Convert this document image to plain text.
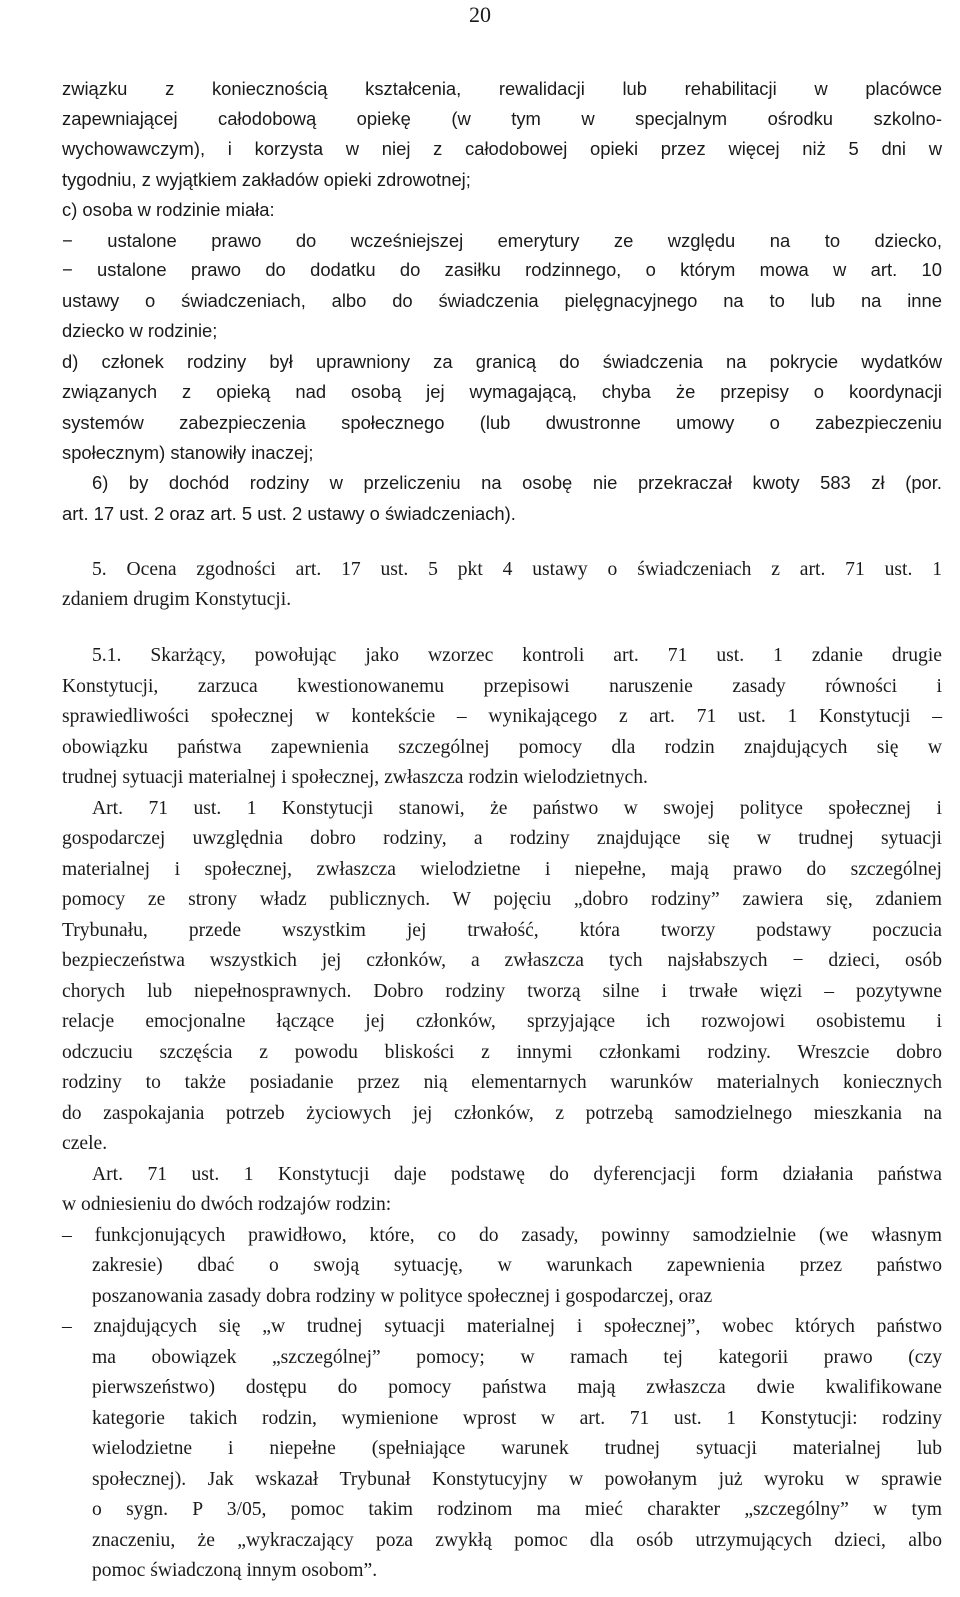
20
związku z koniecznością kształcenia, rewalidacji lub rehabilitacji w placówce
zapewniającej całodobową opiekę (w tym w specjalnym ośrodku szkolno-
wychowawczym), i korzysta w niej z całodobowej opieki przez więcej niż 5 dni w
tygodniu, z wyjątkiem zakładów opieki zdrowotnej;
c) osoba w rodzinie miała:
− ustalone prawo do wcześniejszej emerytury ze względu na to dziecko,
− ustalone prawo do dodatku do zasiłku rodzinnego, o którym mowa w art. 10
ustawy o świadczeniach, albo do świadczenia pielęgnacyjnego na to lub na inne
dziecko w rodzinie;
d) członek rodziny był uprawniony za granicą do świadczenia na pokrycie wydatków
związanych z opieką nad osobą jej wymagającą, chyba że przepisy o koordynacji
systemów zabezpieczenia społecznego (lub dwustronne umowy o zabezpieczeniu
społecznym) stanowiły inaczej;
6) by dochód rodziny w przeliczeniu na osobę nie przekraczał kwoty 583 zł (por.
art. 17 ust. 2 oraz art. 5 ust. 2 ustawy o świadczeniach).
5. Ocena zgodności art. 17 ust. 5 pkt 4 ustawy o świadczeniach z art. 71 ust. 1
zdaniem drugim Konstytucji.
5.1. Skarżący, powołując jako wzorzec kontroli art. 71 ust. 1 zdanie drugie
Konstytucji, zarzuca kwestionowanemu przepisowi naruszenie zasady równości i
sprawiedliwości społecznej w kontekście – wynikającego z art. 71 ust. 1 Konstytucji –
obowiązku państwa zapewnienia szczególnej pomocy dla rodzin znajdujących się w
trudnej sytuacji materialnej i społecznej, zwłaszcza rodzin wielodzietnych.
Art. 71 ust. 1 Konstytucji stanowi, że państwo w swojej polityce społecznej i
gospodarczej uwzględnia dobro rodziny, a rodziny znajdujące się w trudnej sytuacji
materialnej i społecznej, zwłaszcza wielodzietne i niepełne, mają prawo do szczególnej
pomocy ze strony władz publicznych. W pojęciu „dobro rodziny” zawiera się, zdaniem
Trybunału, przede wszystkim jej trwałość, która tworzy podstawy poczucia
bezpieczeństwa wszystkich jej członków, a zwłaszcza tych najsłabszych − dzieci, osób
chorych lub niepełnosprawnych. Dobro rodziny tworzą silne i trwałe więzi – pozytywne
relacje emocjonalne łączące jej członków, sprzyjające ich rozwojowi osobistemu i
odczuciu szczęścia z powodu bliskości z innymi członkami rodziny. Wreszcie dobro
rodziny to także posiadanie przez nią elementarnych warunków materialnych koniecznych
do zaspokajania potrzeb życiowych jej członków, z potrzebą samodzielnego mieszkania na
czele.
Art. 71 ust. 1 Konstytucji daje podstawę do dyferencjacji form działania państwa
w odniesieniu do dwóch rodzajów rodzin:
– funkcjonujących prawidłowo, które, co do zasady, powinny samodzielnie (we własnym
zakresie) dbać o swoją sytuację, w warunkach zapewnienia przez państwo
poszanowania zasady dobra rodziny w polityce społecznej i gospodarczej, oraz
– znajdujących się „w trudnej sytuacji materialnej i społecznej”, wobec których państwo
ma obowiązek „szczególnej” pomocy; w ramach tej kategorii prawo (czy
pierwszeństwo) dostępu do pomocy państwa mają zwłaszcza dwie kwalifikowane
kategorie takich rodzin, wymienione wprost w art. 71 ust. 1 Konstytucji: rodziny
wielodzietne i niepełne (spełniające warunek trudnej sytuacji materialnej lub
społecznej). Jak wskazał Trybunał Konstytucyjny w powołanym już wyroku w sprawie
o sygn. P 3/05, pomoc takim rodzinom ma mieć charakter „szczególny” w tym
znaczeniu, że „wykraczający poza zwykłą pomoc dla osób utrzymujących dzieci, albo
pomoc świadczoną innym osobom”.
